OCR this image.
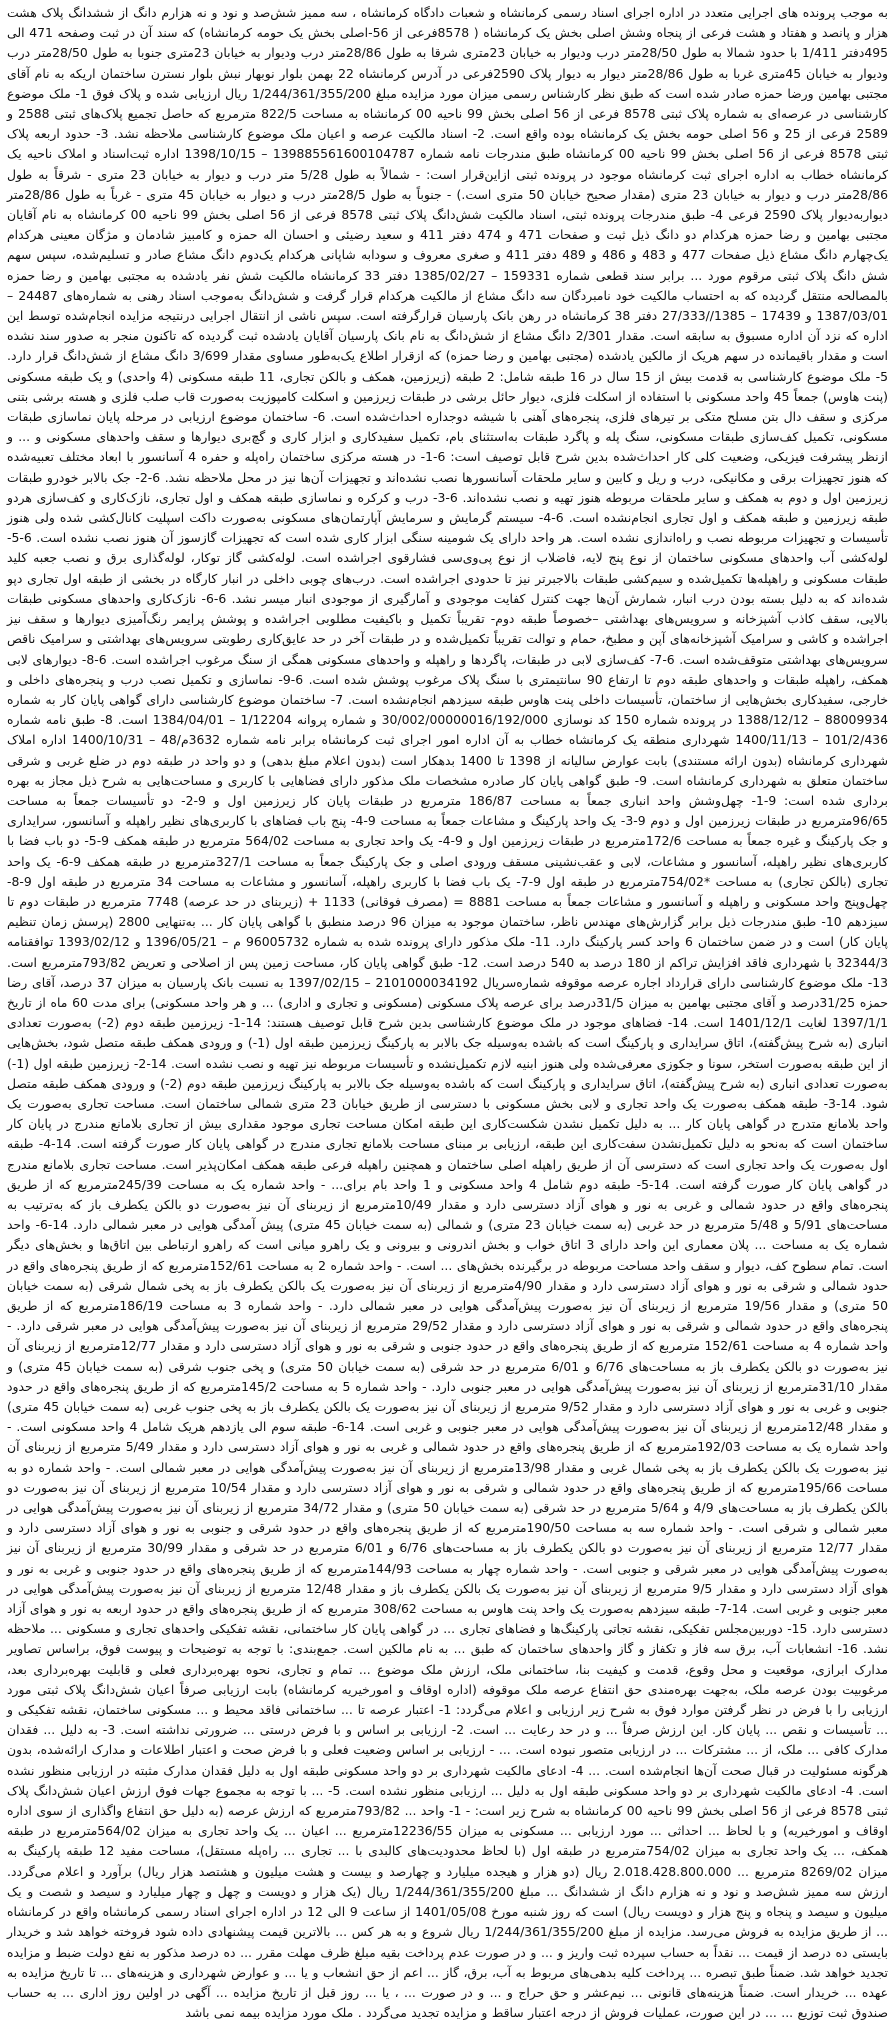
به موجب پرونده های اجرایی متعدد در اداره اجرای اسناد رسمی کرمانشاه و شعبات دادگاه کرمانشاه ، سه ممیز شش‌صد و نود و نه هزارم دانگ از ششدانگ پلاک هشت هزار و پانصد و هفتاد و هشت فرعی از پنجاه وشش اصلی بخش یک کرمانشاه ( 8578فرعی از 56-اصلی بخش یک حومه کرمانشاه) که سند آن در ثبت وصفحه 471 الی 495دفتر 1/411 با حدود شمالا به طول 28/50متر درب وديوار به خيابان 23متری شرقا به طول 28/86متر درب وديوار به خيابان 23متری جنوبا به طول 28/50متر درب وديوار به خيابان 45متری غربا به طول 28/86متر ديوار به ديوار پلاک 2590فرعی در آدرس کرمانشاه 22 بهمن بلوار نوبهار نبش بلوار نسترن ساختمان اریکه به نام آقای مجتبی بهامین ورضا حمزه صادر شده است که طبق نظر کارشناس رسمی میزان مورد مزایده مبلغ 1/244/361/355/200 ریال ارزیابی شده و پلاک فوق 1- ملک موضوع کارشناسی در عرصه‌ای به شماره پلاک ثبتی 8578 فرعی از 56 اصلی بخش 99 ناحیه 00 کرمانشاه به مساحت 822/5 مترمربع که حاصل تجمیع پلاک‌های ثبتی 2588 و 2589 فرعی از 25 و 56 اصلی حومه بخش یک کرمانشاه بوده واقع است. 2- اسناد مالکیت عرصه و اعیان ملک موضوع کارشناسی ملاحظه نشد. 3- حدود اربعه پلاک ثبتی 8578 فرعی از 56 اصلی بخش 99 ناحیه 00 کرمانشاه طبق مندرجات نامه شماره 139885561600104787 – 1398/10/15 اداره ثبت‌اسناد و املاک ناحیه یک کرمانشاه خطاب به اداره اجرای ثبت کرمانشاه موجود در پرونده ثبتی ازاین‌قرار است: - شمالاً به طول 5/28 متر درب و دیوار به خیابان 23 متری - شرقاً به طول 28/86متر درب و دیوار به خیابان 23 متری (مقدار صحیح خیابان 50 متری است.) - جنوباً به طول 28/5متر درب و دیوار به خیابان 45 متری - غرباً به طول 28/86متر دیواربه‌دیوار پلاک 2590 فرعی 4- طبق مندرجات پرونده ثبتی، اسناد مالکیت شش‌دانگ پلاک ثبتی 8578 فرعی از 56 اصلی بخش 99 ناحیه 00 کرمانشاه به نام آقایان مجتبی بهامین و رضا حمزه هرکدام دو دانگ ذیل ثبت و صفحات 471 و 474 دفتر 411 و سعید رضیئی و احسان اله حمزه و کامبیز شادمان و مژگان معینی هرکدام یک‌چهارم دانگ مشاع ذیل صفحات 477 و 483 و 486 و 489 دفتر 411 و صغری معروف و سودابه شاپانی هرکدام یک‌دوم دانگ مشاع صادر و تسلیم‌شده، سپس سهم شش دانگ پلاک ثبتی مرقوم مورد ... برابر سند قطعی شماره 159331 – 1385/02/27 دفتر 33 کرمانشاه مالکیت شش نفر یادشده به مجتبی بهامین و رضا حمزه بالمصالحه منتقل گردیده که به احتساب مالکیت خود نامبردگان سه دانگ مشاع از مالکیت هرکدام قرار گرفت و شش‌دانگ به‌موجب اسناد رهنی به شماره‌های 24487 – 1387/03/01 و 17439 – 1385//27/333 دفتر 38 کرمانشاه در رهن بانک پارسیان قرارگرفته است. سپس ناشی از انتقال اجرایی درنتیجه مزایده انجام‌شده توسط این اداره که نزد آن اداره مسبوق به سابقه است. مقدار 2/301 دانگ مشاع از شش‌دانگ به نام بانک پارسیان آقایان یادشده ثبت گردیده که تاکنون منجر به صدور سند نشده است و مقدار باقیمانده در سهم هریک از مالکین یادشده (مجتبی بهامین و رضا حمزه) که ازقرار اطلاع یک‌به‌طور مساوی مقدار 3/699 دانگ مشاع از شش‌دانگ قرار دارد. 5- ملک موضوع کارشناسی به قدمت بیش از 15 سال در 16 طبقه شامل: 2 طبقه (زیرزمین، همکف و بالکن تجاری، 11 طبقه مسکونی (4 واحدی) و یک طبقه مسکونی (پنت هاوس) جمعاً 45 واحد مسکونی با استفاده از اسکلت فلزی، دیوار حائل برشی در طبقات زیرزمین و اسکلت کامپوزیت به‌صورت قاب صلب فلزی و هسته برشی بتنی مرکزی و سقف دال بتن مسلح متکی بر تیرهای فلزی، پنجره‌های آهنی با شیشه دوجداره احداث‌شده است. 6- ساختمان موضوع ارزیابی در مرحله پایان نماسازی طبقات مسکونی، تکمیل کف‌سازی طبقات مسکونی، سنگ پله و پاگرد طبقات به‌استثنای بام، تکمیل سفیدکاری و ابزار کاری و گچ‌بری دیوارها و سقف واحدهای مسکونی و ... و ازنظر پیشرفت فیزیکی، وضعیت کلی کار احداث‌شده بدین شرح قابل توصیف است: 6-1- در هسته مرکزی ساختمان راه‌پله و حفره 4 آسانسور با ابعاد مختلف تعبیه‌شده که هنوز تجهیزات برقی و مکانیکی، درب و ریل و کابین و سایر ملحقات آسانسورها نصب نشده‌اند و تجهیزات آن‌ها نیز در محل ملاحظه نشد. 6-2- جک بالابر خودرو طبقات زیرزمین اول و دوم به همکف و سایر ملحقات مربوطه هنوز تهیه و نصب نشده‌اند. 6-3- درب و کرکره و نماسازی طبقه همکف و اول تجاری، نازک‌کاری و کف‌سازی هردو طبقه زیرزمین و طبقه همکف و اول تجاری انجام‌نشده است. 6-4- سیستم گرمایش و سرمایش آپارتمان‌های مسکونی به‌صورت داکت اسپلیت کانال‌کشی شده ولی هنوز تأسیسات و تجهیزات مربوطه نصب و راه‌اندازی نشده است. هر واحد دارای یک شومینه سنگی ابزار کاری شده است که تجهیزات گازسوز آن هنوز نصب نشده است. 6-5- لوله‌کشی آب واحدهای مسکونی ساختمان از نوع پنج لایه، فاضلاب از نوع پی‌وی‌سی فشارقوی اجراشده است. لوله‌کشی گاز توکار، لوله‌گذاری برق و نصب جعبه کلید طبقات مسکونی و راهپله‌ها تکمیل‌شده و سیم‌کشی طبقات بالاجبرتر نیز تا حدودی اجراشده است. درب‌های چوبی داخلی در انبار کارگاه در بخشی از طبقه اول تجاری دپو شده‌اند که به دلیل بسته بودن درب انبار، شمارش آن‌ها جهت کنترل کفایت موجودی و آمارگیری از موجودی انبار میسر نشد. 6-6- نازک‌کاری واحدهای مسکونی طبقات بالایی، سقف کاذب آشپزخانه و سرویس‌های بهداشتی –خصوصاً طبقه دوم- تقریباً تکمیل و باکیفیت مطلوبی اجراشده و پوشش پرایمر رنگ‌آمیزی دیوارها و سقف نیز اجراشده و کاشی و سرامیک آشپزخانه‌های آپن و مطبخ، حمام و توالت تقریباً تکمیل‌شده و در طبقات آخر در حد عایق‌کاری رطوبتی سرویس‌های بهداشتی و سرامیک ناقص سرویس‌های بهداشتی متوقف‌شده است. 6-7- کف‌سازی لابی در طبقات، پاگردها و راهپله و واحدهای مسکونی همگی از سنگ مرغوب اجراشده است. 6-8- دیوارهای لابی همکف، راهپله طبقات و واحدهای طبقه دوم تا ارتفاع 90 سانتیمتری با سنگ پلاک مرغوب پوشش شده است. 6-9- نماسازی و تکمیل نصب درب و پنجره‌های داخلی و خارجی، سفیدکاری بخش‌هایی از ساختمان، تأسیسات داخلی پنت هاوس طبقه سیزدهم انجام‌نشده است. 7- ساختمان موضوع کارشناسی دارای گواهی پایان کار به شماره 88009934 – 1388/12/12 در پرونده شماره 150 کد نوسازی 30/002/00000016/192/000 و شماره پروانه 1/12204 – 1384/04/01 است. 8- طبق نامه شماره 101/2/436 – 1400/11/13 شهرداری منطقه یک کرمانشاه خطاب به آن اداره امور اجرای ثبت کرمانشاه برابر نامه شماره 3632م/48 – 1400/10/31 اداره املاک شهرداری کرمانشاه (بدون ارائه مستندی) بابت عوارض سالیانه از 1398 تا 1400 بدهکار است (بدون اعلام مبلغ بدهی) و دو واحد در طبقه دوم در ضلع غربی و شرقی ساختمان متعلق به شهرداری کرمانشاه است. 9- طبق گواهی پایان کار صادره مشخصات ملک مذکور دارای فضاهایی با کاربری و مساحت‌هایی به شرح ذیل مجاز به بهره برداری شده است: 9-1- چهل‌وشش واحد انباری جمعاً به مساحت 186/87 مترمربع در طبقات پایان کار زیرزمین اول و 9-2- دو تأسیسات جمعاً به مساحت 96/65مترمربع در طبقات زیرزمین اول و دوم 9-3- یک واحد پارکینگ و مشاعات جمعاً به مساحت 9-4- پنج باب فضاهای با کاربری‌های نظیر راهپله و آسانسور، سرایداری و جک پارکینگ و غیره جمعاً به مساحت 172/6مترمربع در طبقات زیرزمین اول و 9-4- یک واحد تجاری به مساحت 564/02 مترمربع در طبقه همکف 9-5- دو باب فضا با کاربری‌های نظیر راهپله، آسانسور و مشاعات، لابی و عقب‌نشینی مسقف ورودی اصلی و جک پارکینگ جمعاً به مساحت 327/1مترمربع در طبقه همکف 9-6- یک واحد تجاری (بالکن تجاری) به مساحت *754/02مترمربع در طبقه اول 9-7- یک باب فضا با کاربری راهپله، آسانسور و مشاعات به مساحت 34 مترمربع در طبقه اول 9-8- چهل‌وپنج واحد مسکونی و راهپله و آسانسور و مشاعات جمعاً به مساحت 8881 = (مصرف فوقانی) 1133 + (زیربنای در حد عرصه) 7748 مترمربع در طبقات دوم تا سیزدهم 10- طبق مندرجات ذیل برابر گزارش‌های مهندس ناظر، ساختمان موجود به میزان 96 درصد منطبق با گواهی پایان کار ... به‌تنهایی 2800 (پرسش زمان تنظیم پایان کار) است و در ضمن ساختمان 6 واحد کسر پارکینگ دارد. 11- ملک مذکور دارای پرونده شده به شماره 96005732 م – 1396/05/21 و 1393/02/12 توافقنامه 32344/3 با شهرداری فاقد افزایش تراکم از 180 درصد به 540 درصد است. 12- طبق گواهی پایان کار، مساحت زمین پس از اصلاحی و تعریض 793/82مترمربع است. 13- ملک موضوع کارشناسی دارای قرارداد اجاره عرصه موقوفه شماره‌سریال 2101000034192 – 1397/02/15 به نسبت بانک پارسیان به میزان 37 درصد، آقای رضا حمزه 31/25درصد و آقای مجتبی بهامین به میزان 31/5درصد برای عرصه پلاک مسکونی (مسکونی و تجاری و اداری) ... و هر واحد مسکونی) برای مدت 60 ماه از تاریخ 1397/1/1 لغایت 1401/12/1 است. 14- فضاهای موجود در ملک موضوع کارشناسی بدین شرح قابل توصیف هستند: 14-1- زیرزمین طبقه دوم (2-) به‌صورت تعدادی انباری (به شرح پیش‌گفته)، اتاق سرایداری و پارکینگ است که باشده به‌وسیله جک بالابر به پارکینگ زیرزمین طبقه اول (1-) و ورودی همکف طبقه متصل شود، بخش‌هایی از این طبقه به‌صورت استخر، سونا و جکوزی معرفی‌شده ولی هنوز ابنیه لازم تکمیل‌نشده و تأسیسات مربوطه نیز تهیه و نصب نشده است. 14-2- زیرزمین طبقه اول (1-) به‌صورت تعدادی انباری (به شرح پیش‌گفته)، اتاق سرایداری و پارکینگ است که باشده به‌وسیله جک بالابر به پارکینگ زیرزمین طبقه دوم (2-) و ورودی همکف طبقه متصل شود. 14-3- طبقه همکف به‌صورت یک واحد تجاری و لابی بخش مسکونی با دسترسی از طریق خیابان 23 متری شمالی ساختمان است. مساحت تجاری به‌صورت یک واحد بلامانع متدرج در گواهی پایان کار ... به دلیل تکمیل نشدن شکست‌کاری این طبقه امکان مساحت تجاری موجود مقداری بیش از تجاری بلامانع مندرج در پایان کار ساختمان است که به‌نحو به دلیل تکمیل‌نشدن سفت‌کاری این طبقه، ارزیابی بر مبنای مساحت بلامانع تجاری مندرج در گواهی پایان کار صورت گرفته است. 14-4- طبقه اول به‌صورت یک واحد تجاری است که دسترسی آن از طریق راهپله اصلی ساختمان و همچنین راهپله فرعی طبقه همکف امکان‌پذیر است. مساحت تجاری بلامانع مندرج در گواهی پایان کار صورت گرفته است. 14-5- طبقه دوم شامل 4 واحد مسکونی و 1 واحد بام برای... - واحد شماره یک به مساحت 245/39مترمربع که از طریق پنجره‌های واقع در حدود شمالی و غربی به نور و هوای آزاد دسترسی دارد و مقدار 10/49مترمربع از زیربنای آن نیز به‌صورت دو بالکن یکطرف باز که به‌ترتیب به مساحت‌های 5/91 و 5/48 مترمربع در حد غربی (به سمت خیابان 23 متری) و شمالی (به سمت خیابان 45 متری) پیش آمدگی هوایی در معبر شمالی دارد. 14-6- واحد شماره یک به مساحت ... پلان معماری این واحد دارای 3 اتاق خواب و بخش اندرونی و بیرونی و یک راهرو میانی است که راهرو ارتباطی بین اتاق‌ها و بخش‌های دیگر است. تمام سطوح کف، دیوار و سقف واحد مساحت مربوطه در برگیرنده بخش‌های ... است. - واحد شماره 2 به مساحت 152/61مترمربع که از طریق پنجره‌های واقع در حدود شمالی و شرقی به نور و هوای آزاد دسترسی دارد و مقدار 4/90مترمربع از زیربنای آن نیز به‌صورت یک بالکن یکطرف باز به پخی شمال شرقی (به سمت خیابان 50 متری) و مقدار 19/56 مترمربع از زیربنای آن نیز به‌صورت پیش‌آمدگی هوایی در معبر شمالی دارد. - واحد شماره 3 به مساحت 186/19مترمربع که از طریق پنجره‌های واقع در حدود شمالی و شرقی به نور و هوای آزاد دسترسی دارد و مقدار 29/52 مترمربع از زیربنای آن نیز به‌صورت پیش‌آمدگی هوایی در معبر شرقی دارد. - واحد شماره 4 به مساحت 152/61 مترمربع که از طریق پنجره‌های واقع در حدود جنوبی و شرقی به نور و هوای آزاد دسترسی دارد و مقدار 12/77مترمربع از زیربنای آن نیز به‌صورت دو بالکن یکطرف باز به مساحت‌های 6/76 و 6/01 مترمربع در حد شرقی (به سمت خیابان 50 متری) و پخی جنوب شرقی (به سمت خیابان 45 متری) و مقدار 31/10مترمربع از زیربنای آن نیز به‌صورت پیش‌آمدگی هوایی در معبر جنوبی دارد. - واحد شماره 5 به مساحت 145/2مترمربع که از طریق پنجره‌های واقع در حدود جنوبی و غربی به نور و هوای آزاد دسترسی دارد و مقدار 9/52 مترمربع از زیربنای آن نیز به‌صورت یک بالکن یکطرف باز به پخی جنوب غربی (به سمت خیابان 45 متری) و مقدار 12/48مترمربع از زیربنای آن نیز به‌صورت پیش‌آمدگی هوایی در معبر جنوبی و غربی است. 14-6- طبقه سوم الی یازدهم هریک شامل 4 واحد مسکونی است. - واحد شماره یک به مساحت 192/03مترمربع که از طریق پنجره‌های واقع در حدود شمالی و غربی به نور و هوای آزاد دسترسی دارد و مقدار 5/49 مترمربع از زیربنای آن نیز به‌صورت یک بالکن یکطرف باز به پخی شمال غربی و مقدار 13/98مترمربع از زیربنای آن نیز به‌صورت پیش‌آمدگی هوایی در معبر شمالی است. - واحد شماره دو به مساحت 195/66مترمربع که از طریق پنجره‌های واقع در حدود شمالی و شرقی به نور و هوای آزاد دسترسی دارد و مقدار 10/54 مترمربع از زیربنای آن نیز به‌صورت دو بالکن یکطرف باز به مساحت‌های 4/9 و 5/64 مترمربع در حد شرقی (به سمت خیابان 50 متری) و مقدار 34/72 مترمربع از زیربنای آن نیز به‌صورت پیش‌آمدگی هوایی در معبر شمالی و شرقی است. - واحد شماره سه به مساحت 190/50مترمربع که از طریق پنجره‌های واقع در حدود شرقی و جنوبی به نور و هوای آزاد دسترسی دارد و مقدار 12/77 مترمربع از زیربنای آن نیز به‌صورت دو بالکن یکطرف باز به مساحت‌های 6/76 و 6/01 مترمربع در حد شرقی و مقدار 30/99 مترمربع از زیربنای آن نیز به‌صورت پیش‌آمدگی هوایی در معبر شرقی و جنوبی است. - واحد شماره چهار به مساحت 144/93مترمربع که از طریق پنجره‌های واقع در حدود جنوبی و غربی به نور و هوای آزاد دسترسی دارد و مقدار 9/5 مترمربع از زیربنای آن نیز به‌صورت یک بالکن یکطرف باز و مقدار 12/48 مترمربع از زیربنای آن نیز به‌صورت پیش‌آمدگی هوایی در معبر جنوبی و غربی است. 14-7- طبقه سیزدهم به‌صورت یک واحد پنت هاوس به مساحت 308/62 مترمربع که از طریق پنجره‌های واقع در حدود اربعه به نور و هوای آزاد دسترسی دارد. 15- دوربین‌مجلس تفکیکی، نقشه تجاتی پارکینگ‌ها و فضاهای تجاری ... در گواهی پایان کار ساختمانی، نقشه تفکیکی واحدهای تجاری و مسکونی ... ملاحظه نشد. 16- انشعابات آب، برق سه فاز و تکفاز و گاز واحدهای ساختمان که طبق ... به نام مالکین است. جمع‌بندی: با توجه به توضیحات و پیوست فوق، براساس تصاویر مدارک ابرازی، موقعیت و محل وقوع، قدمت و کیفیت بنا، ساختمانی ملک، ارزش ملک موضوع ... تمام و تجاری، نحوه بهره‌برداری فعلی و قابلیت بهره‌برداری بعد، مرغوبیت بودن عرصه ملک، به‌جهت بهره‌مندی حق انتفاع عرصه ملک موقوفه (اداره اوقاف و امورخیریه کرمانشاه) بابت ارزیابی صرفاً اعیان شش‌دانگ پلاک ثبتی مورد ارزیابی را با فرض در نظر گرفتن موارد فوق به شرح زیر ارزیابی و اعلام می‌گردد: 1- اعتبار عرصه تا ... ساختمانی فاقد محیط و ... مسکونی ساختمان، نقشه تفکیکی و ... تأسیسات و نقص ... پایان کار. این ارزش صرفاً ... و در حد رعایت ... است. 2- ارزیابی بر اساس و با فرض درستی ... ضرورتی نداشته است. 3- به دلیل ... فقدان مدارک کافی ... ملک، از ... مشترکات ... در ارزیابی متصور نبوده است. ... - ارزیابی بر اساس وضعیت فعلی و با فرض صحت و اعتبار اطلاعات و مدارک ارائه‌شده، بدون هرگونه مسئولیت در قبال صحت آن‌ها انجام‌شده است. ... 4- ادعای مالکیت شهرداری بر دو واحد مسکونی طبقه اول به دلیل فقدان مدارک مثبته در ارزیابی منظور نشده است. 4- ادعای مالکیت شهرداری بر دو واحد مسکونی طبقه اول به دلیل ... ارزیابی منظور نشده است. 5- ... با توجه به مجموع جهات فوق ارزش اعیان شش‌دانگ پلاک ثبتی 8578 فرعی از 56 اصلی بخش 99 ناحیه 00 کرمانشاه به شرح زیر است: - 1- واحد ... 793/82مترمربع که ارزش عرصه (به دلیل حق انتفاع واگذاری از سوی اداره اوقاف و امورخیریه) و با لحاظ ... احداثی ... مورد ارزیابی ... مسکونی به میزان 12236/55مترمربع ... اعیان ... یک واحد تجاری به میزان 564/02مترمربع در طبقه همکف، ... یک واحد تجاری به میزان 754/02مترمربع در طبقه اول (با لحاظ محدودیت‌های کالبدی با ... تجاری ... راه‌پله مستقل)، مساحت مفید 12 طبقه پارکینگ به میزان 8269/02 مترمربع ... 2.018.428.800.000 ریال (دو هزار و هیجده میلیارد و چهارصد و بیست و هشت میلیون و هشتصد هزار ریال) برآورد و اعلام می‌گردد. ارزش سه ممیز شش‌صد و نود و نه هزارم دانگ از ششدانگ ... مبلغ 1/244/361/355/200 ریال (یک هزار و دویست و چهل و چهار میلیارد و سیصد و شصت و یک میلیون و سیصد و پنجاه و پنج هزار و دویست ریال) است که روز شنبه مورخ 1401/05/08 از ساعت 9 الی 12 در اداره اجرای اسناد رسمی کرمانشاه واقع در کرمانشاه ... از طریق مزایده به فروش می‌رسد. مزایده از مبلغ 1/244/361/355/200 ریال شروع و به هر کس ... بالاترین قیمت پیشنهادی داده شود فروخته خواهد شد و خریدار بایستی ده درصد از قیمت ... نقداً به حساب سپرده ثبت واریز و ... و در صورت عدم پرداخت بقیه مبلغ ظرف مهلت مقرر ... ده درصد مذکور به نفع دولت ضبط و مزایده تجدید خواهد شد. ضمناً طبق تبصره ... پرداخت کلیه بدهی‌های مربوط به آب، برق، گاز ... اعم از حق انشعاب و یا ... و عوارض شهرداری و هزینه‌های ... تا تاریخ مزایده به عهده ... خریدار است. ضمناً هزینه‌های قانونی ... نیم‌عشر و حق حراج و ... و در صورت ... ، یا ... روز قبل از تاریخ مزایده ... آگهی در اولین روز اداری ... به حساب صندوق ثبت توزیع ... ... در این صورت، عملیات فروش از درجه اعتبار ساقط و مزایده تجدید می‌گردد . ملک مورد مزایده بیمه نمی باشد
